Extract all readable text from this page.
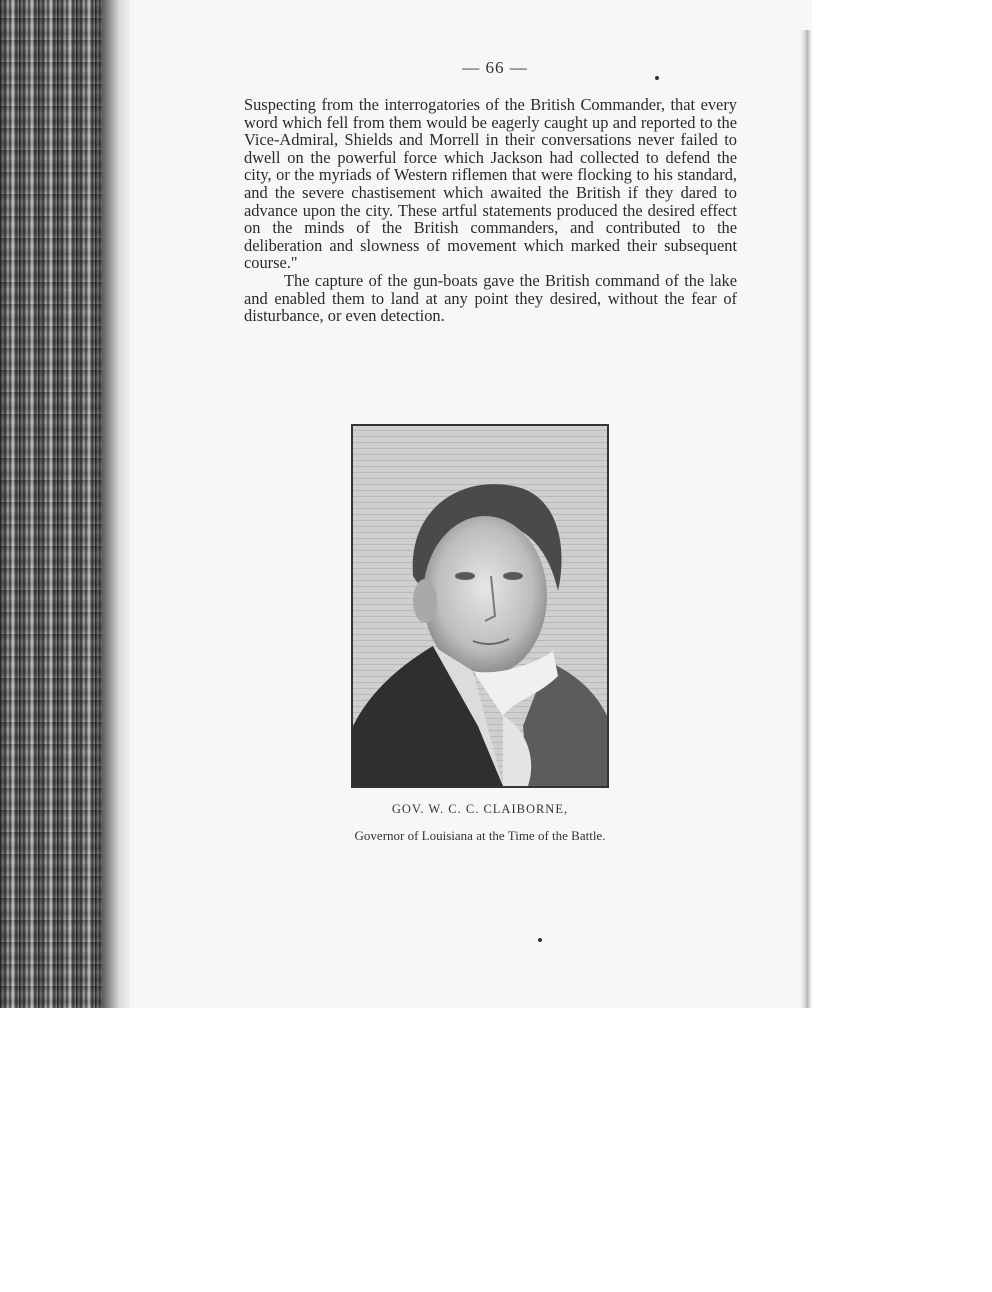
— 66 —

Suspecting from the interrogatories of the British Commander, that every word which fell from them would be eagerly caught up and reported to the Vice-Admiral, Shields and Morrell in their conversations never failed to dwell on the powerful force which Jackson had collected to defend the city, or the myriads of Western riflemen that were flocking to his standard, and the severe chastisement which awaited the British if they dared to advance upon the city. These artful statements produced the desired effect on the minds of the British commanders, and contributed to the deliberation and slowness of movement which marked their subsequent course."

The capture of the gun-boats gave the British command of the lake and enabled them to land at any point they desired, without the fear of disturbance, or even detection.

GOV. W. C. C. CLAIBORNE,
Governor of Louisiana at the Time of the Battle.
